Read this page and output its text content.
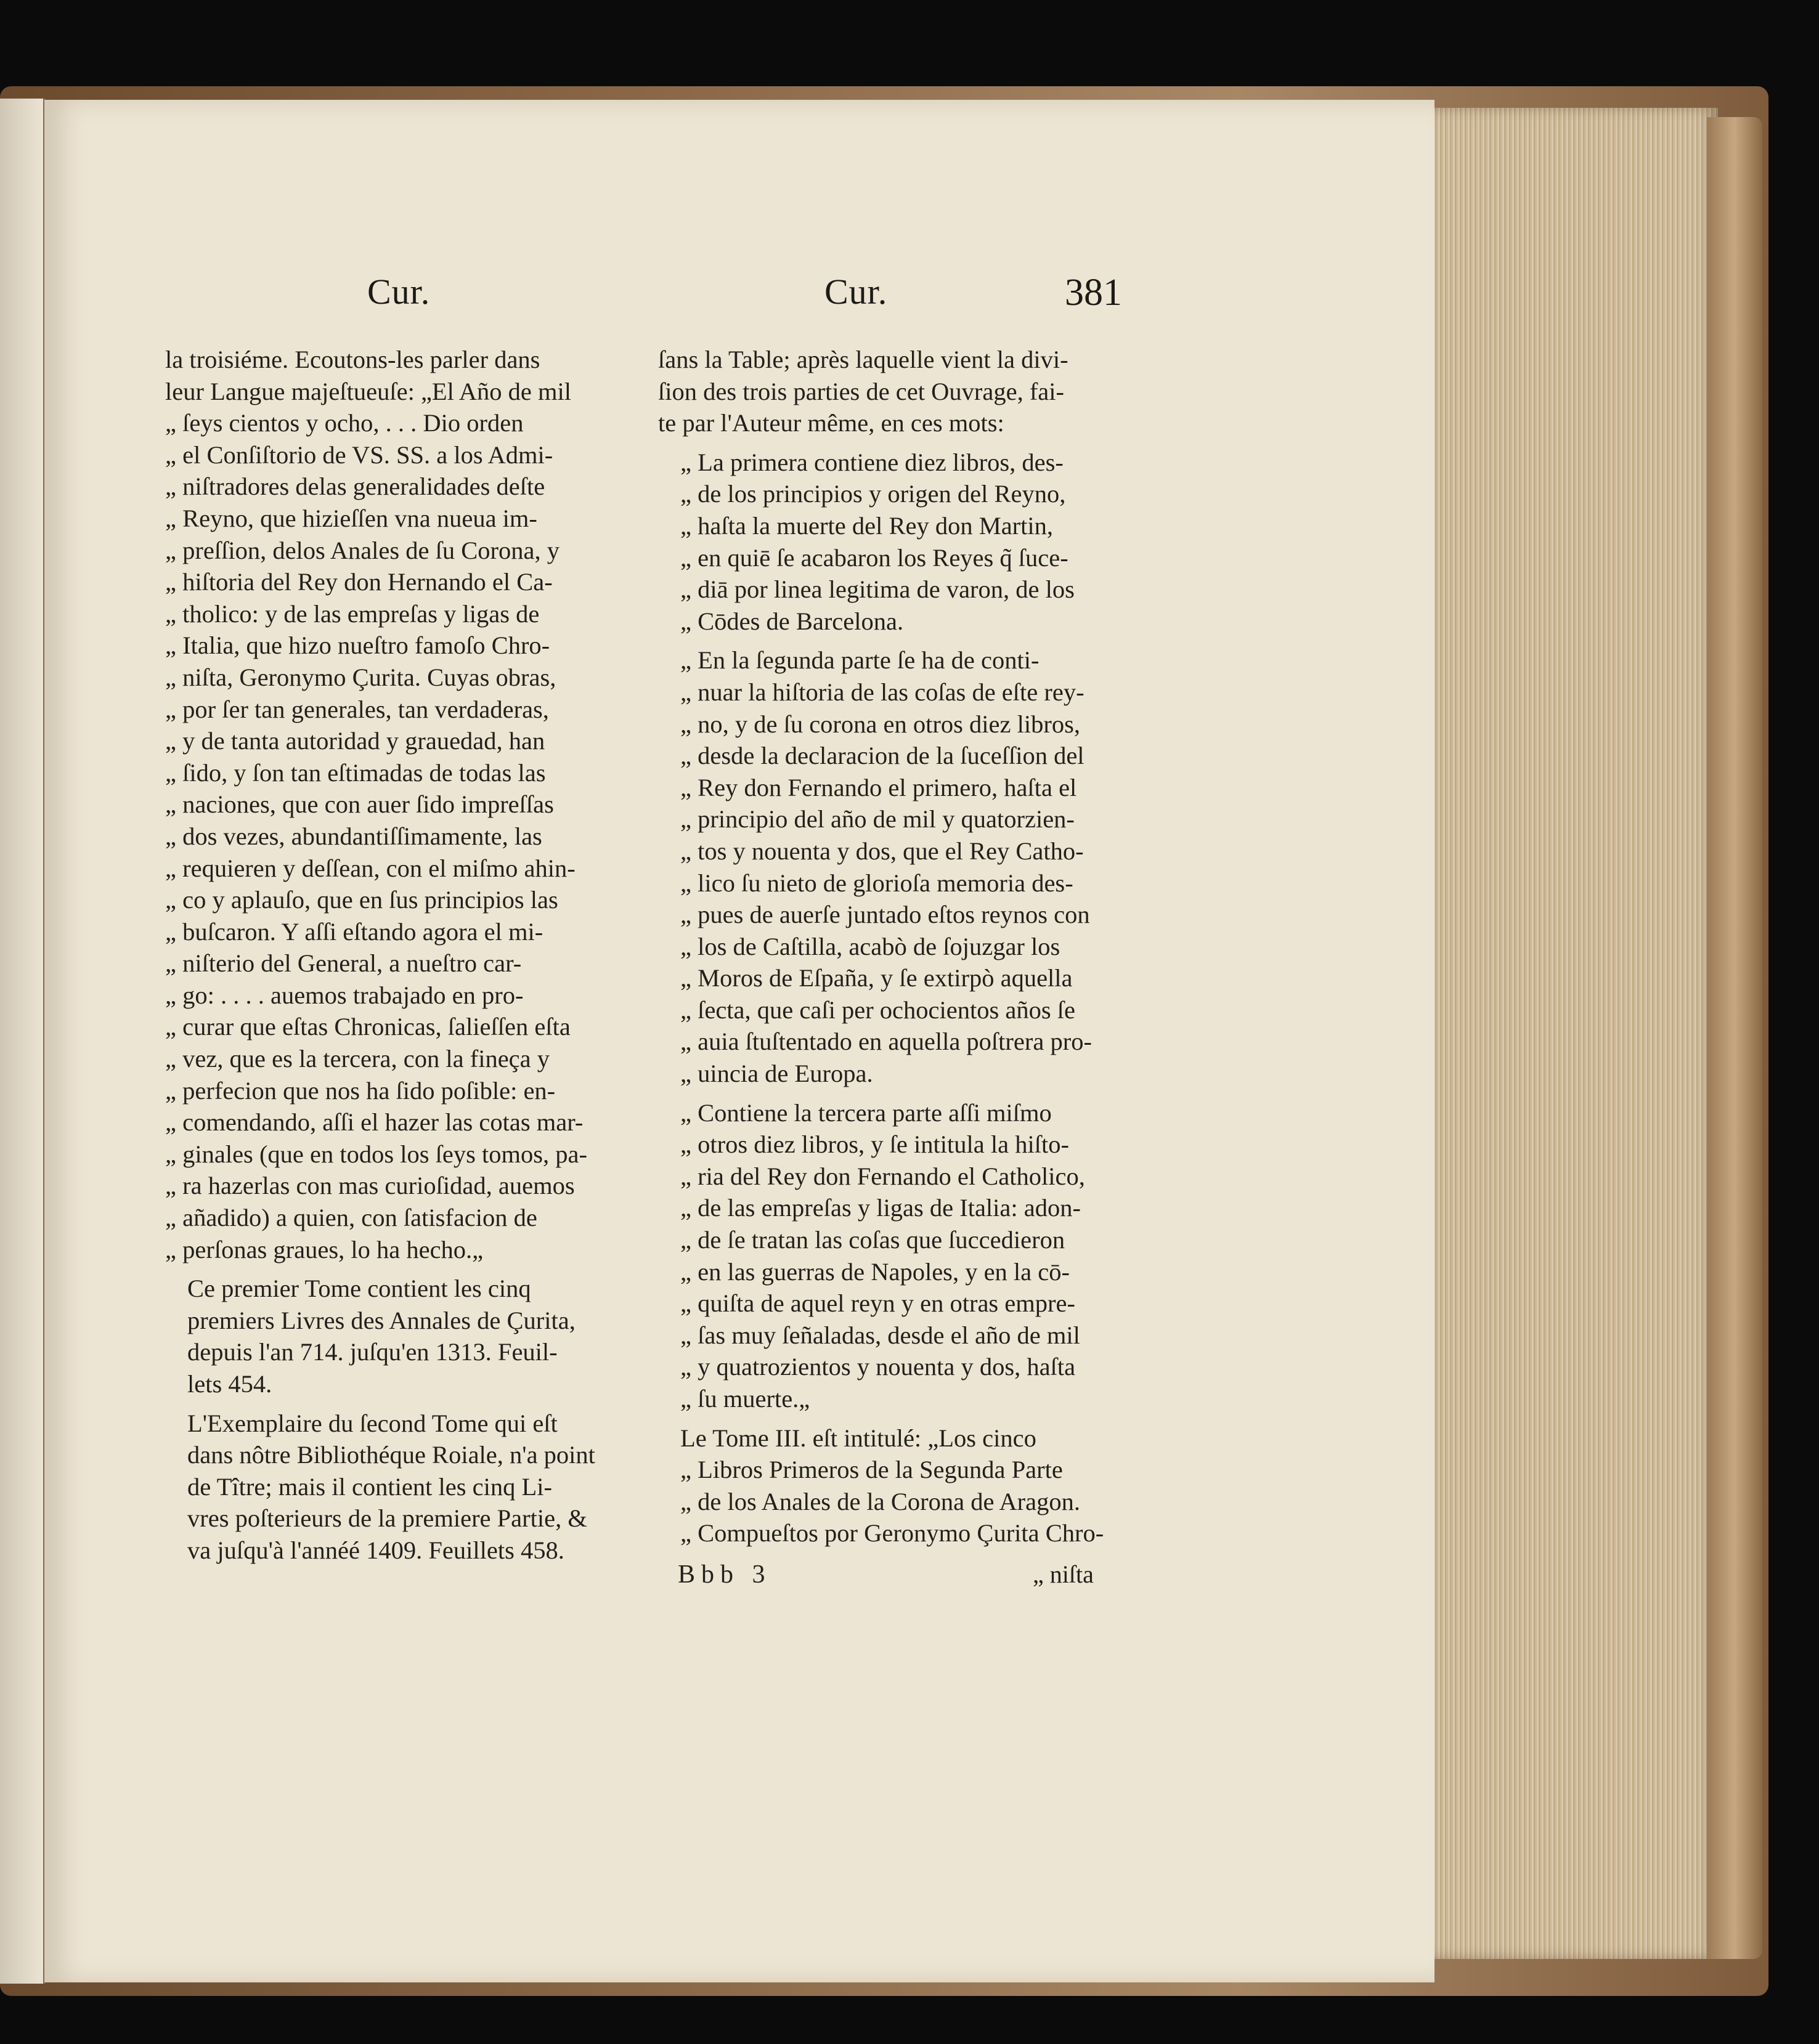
Cur.	Cur.	381

la troisiéme. Ecoutons-les parler dans
leur Langue majeſtueuſe: „El Año de mil
„ ſeys cientos y ocho, . . . Dio orden
„ el Conſiſtorio de VS. SS. a los Admi-
„ niſtradores delas generalidades deſte
„ Reyno, que hizieſſen vna nueua im-
„ preſſion, delos Anales de ſu Corona, y
„ hiſtoria del Rey don Hernando el Ca-
„ tholico: y de las empreſas y ligas de
„ Italia, que hizo nueſtro famoſo Chro-
„ niſta, Geronymo Çurita. Cuyas obras,
„ por ſer tan generales, tan verdaderas,
„ y de tanta autoridad y grauedad, han
„ ſido, y ſon tan eſtimadas de todas las
„ naciones, que con auer ſido impreſſas
„ dos vezes, abundantiſſimamente, las
„ requieren y deſſean, con el miſmo ahin-
„ co y aplauſo, que en ſus principios las
„ buſcaron. Y aſſi eſtando agora el mi-
„ niſterio del General, a nueſtro car-
„ go: . . . . auemos trabajado en pro-
„ curar que eſtas Chronicas, ſalieſſen eſta
„ vez, que es la tercera, con la fineça y
„ perfecion que nos ha ſido poſible: en-
„ comendando, aſſi el hazer las cotas mar-
„ ginales (que en todos los ſeys tomos, pa-
„ ra hazerlas con mas curioſidad, auemos
„ añadido) a quien, con ſatisfacion de
„ perſonas graues, lo ha hecho.„

Ce premier Tome contient les cinq
premiers Livres des Annales de Çurita,
depuis l'an 714. juſqu'en 1313. Feuil-
lets 454.

L'Exemplaire du ſecond Tome qui eſt
dans nôtre Bibliothéque Roiale, n'a point
de Tître; mais il contient les cinq Li-
vres poſterieurs de la premiere Partie, &
va juſqu'à l'annéé 1409. Feuillets 458.

ſans la Table; après laquelle vient la divi-
ſion des trois parties de cet Ouvrage, fai-
te par l'Auteur même, en ces mots:

„ La primera contiene diez libros, des-
„ de los principios y origen del Reyno,
„ haſta la muerte del Rey don Martin,
„ en quiē ſe acabaron los Reyes q̃ ſuce-
„ diā por linea legitima de varon, de los
„ Cōdes de Barcelona.

„ En la ſegunda parte ſe ha de conti-
„ nuar la hiſtoria de las coſas de eſte rey-
„ no, y de ſu corona en otros diez libros,
„ desde la declaracion de la ſuceſſion del
„ Rey don Fernando el primero, haſta el
„ principio del año de mil y quatorzien-
„ tos y nouenta y dos, que el Rey Catho-
„ lico ſu nieto de glorioſa memoria des-
„ pues de auerſe juntado eſtos reynos con
„ los de Caſtilla, acabò de ſojuzgar los
„ Moros de Eſpaña, y ſe extirpò aquella
„ ſecta, que caſi per ochocientos años ſe
„ auia ſtuſtentado en aquella poſtrera pro-
„ uincia de Europa.

„ Contiene la tercera parte aſſi miſmo
„ otros diez libros, y ſe intitula la hiſto-
„ ria del Rey don Fernando el Catholico,
„ de las empreſas y ligas de Italia: adon-
„ de ſe tratan las coſas que ſuccedieron
„ en las guerras de Napoles, y en la cō-
„ quiſta de aquel reyn y en otras empre-
„ ſas muy ſeñaladas, desde el año de mil
„ y quatrozientos y nouenta y dos, haſta
„ ſu muerte.„

Le Tome III. eſt intitulé: „Los cinco
„ Libros Primeros de la Segunda Parte
„ de los Anales de la Corona de Aragon.
„ Compueſtos por Geronymo Çurita Chro-

Bbb 3	„ niſta
